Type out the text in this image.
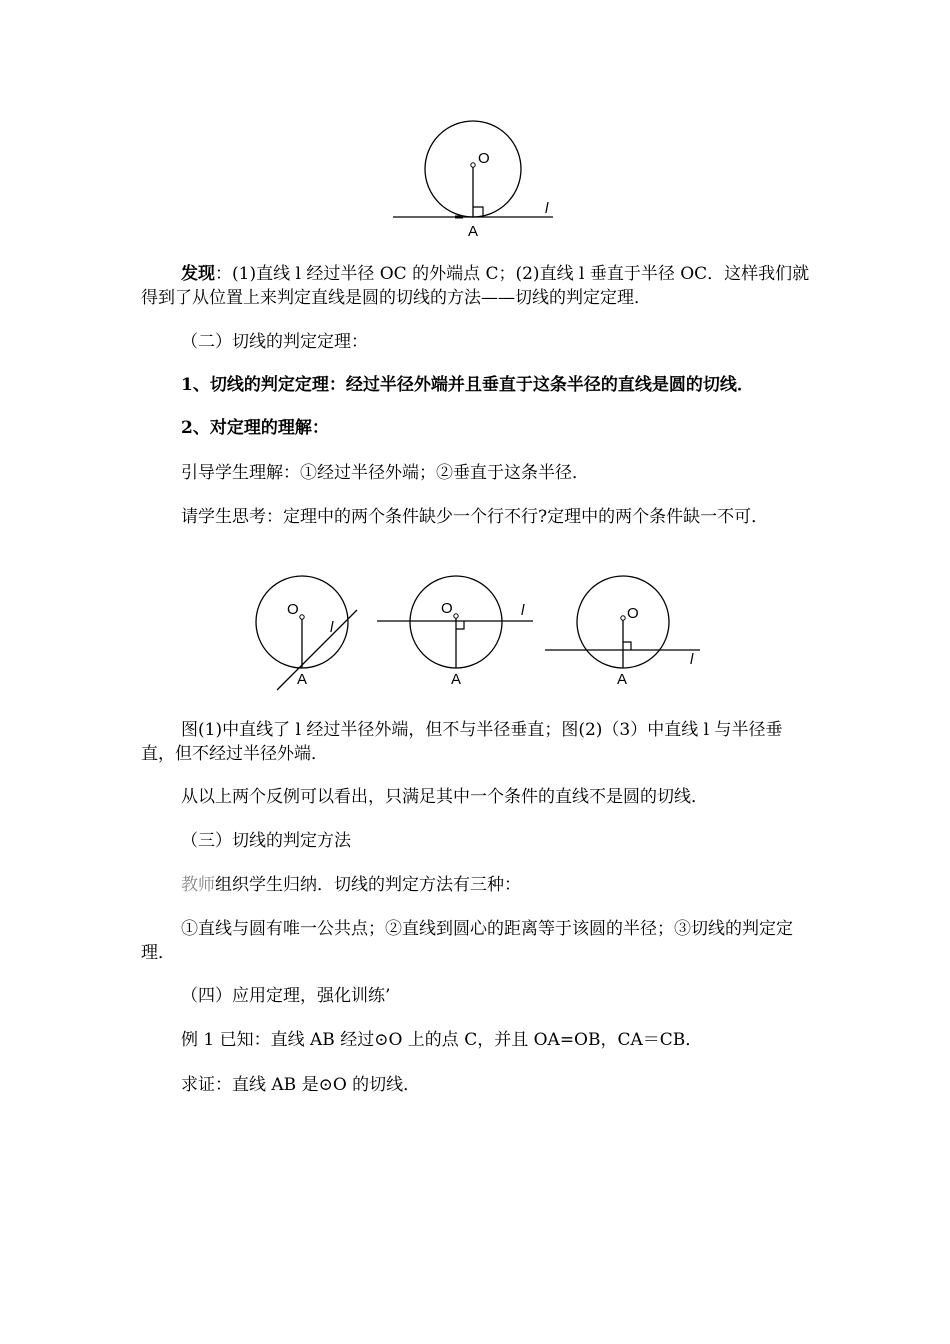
O
A
l

发现：(1)直线 l 经过半径 OC 的外端点 C；(2)直线 l 垂直于半径 OC．这样我们就得到了从位置上来判定直线是圆的切线的方法——切线的判定定理．

（二）切线的判定定理：

1、切线的判定定理：经过半径外端并且垂直于这条半径的直线是圆的切线．

2、对定理的理解：

引导学生理解：①经过半径外端；②垂直于这条半径．

请学生思考：定理中的两个条件缺少一个行不行?定理中的两个条件缺一不可．

O
A
l
O
A
l	O
A
l

图(1)中直线了 l 经过半径外端，但不与半径垂直；图(2)（3）中直线 l 与半径垂直，但不经过半径外端．

从以上两个反例可以看出，只满足其中一个条件的直线不是圆的切线．

（三）切线的判定方法

教师组织学生归纳．切线的判定方法有三种：

①直线与圆有唯一公共点；②直线到圆心的距离等于该圆的半径；③切线的判定定理．

（四）应用定理，强化训练’

例 1 已知：直线 AB 经过⊙O 上的点 C，并且 OA=OB，CA＝CB．

求证：直线 AB 是⊙O 的切线．
